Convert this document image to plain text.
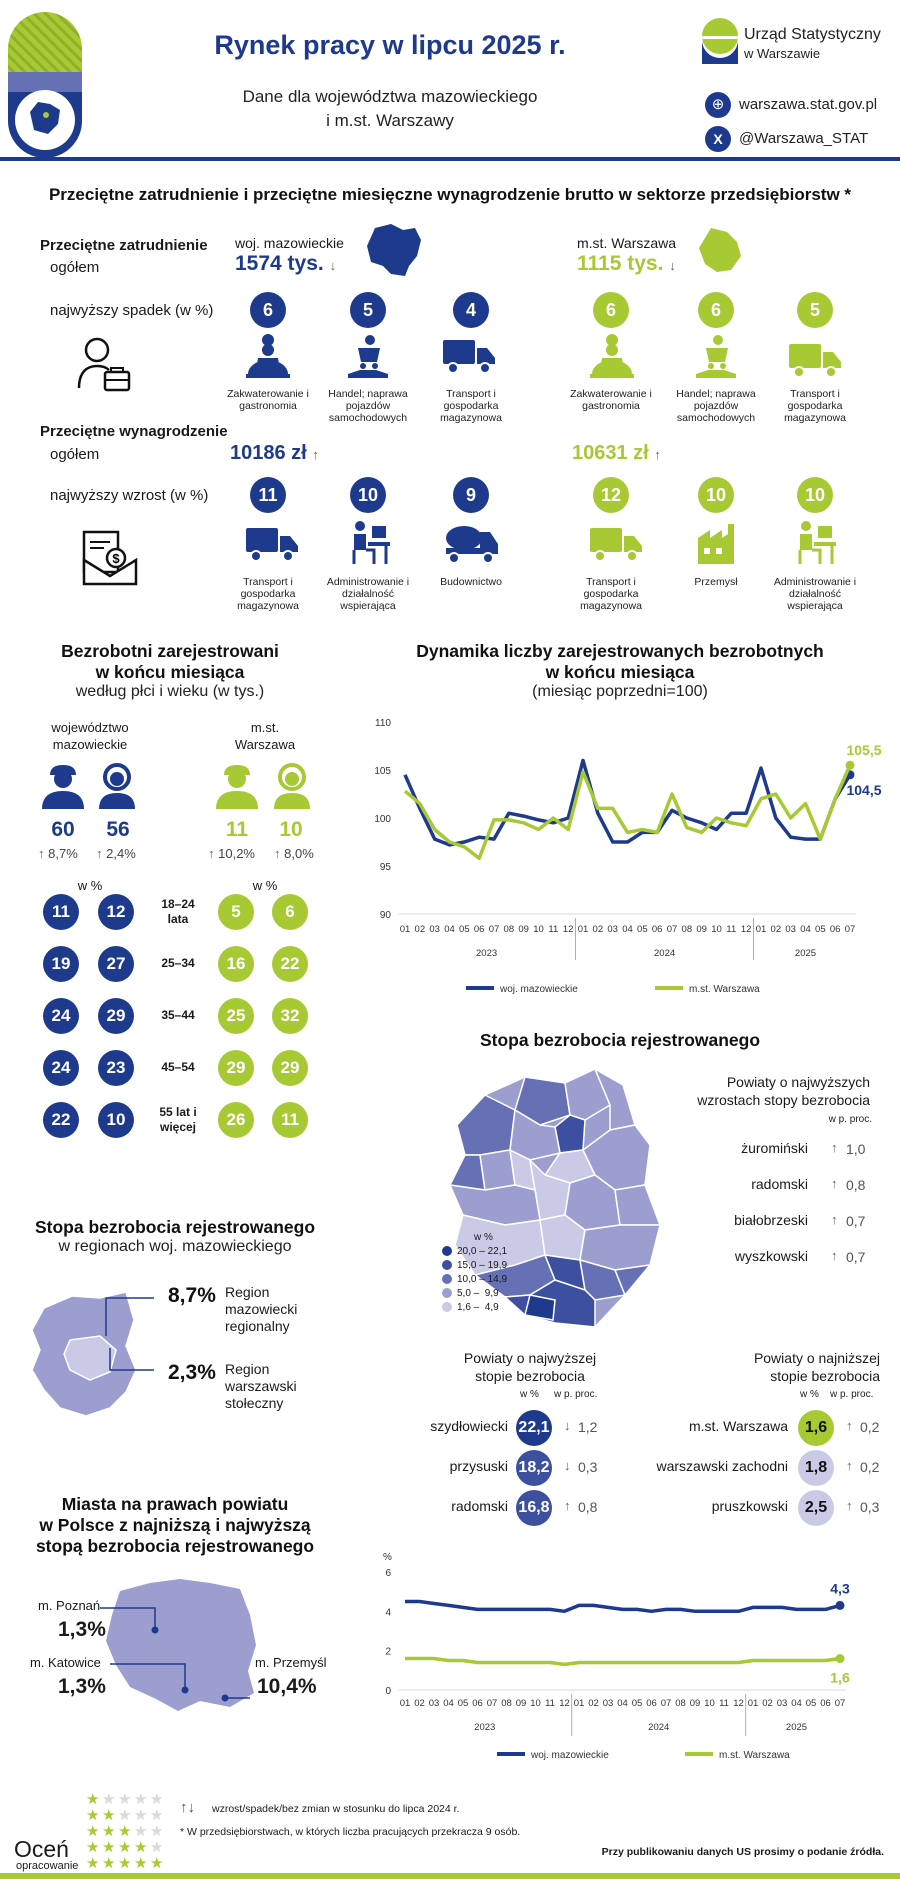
Rynek pracy w lipcu 2025 r.
Dane dla województwa mazowieckiego
i m.st. Warszawy
Urząd Statystyczny
w Warszawie
⊕ warszawa.stat.gov.pl
X	@Warszawa_STAT
Przeciętne zatrudnienie i przeciętne miesięczne wynagrodzenie brutto w sektorze przedsiębiorstw *
Przeciętne zatrudnienie
ogółem
najwyższy spadek (w %)
woj. mazowieckie
1574 tys. ↓
m.st. Warszawa
1115 tys. ↓
6	5	4	6	6	5
Zakwaterowanie i gastronomia
Handel; naprawa pojazdów samochodowych
Transport i gospodarka magazynowa
Zakwaterowanie i gastronomia
Handel; naprawa pojazdów samochodowych
Transport i gospodarka magazynowa
Przeciętne wynagrodzenie
ogółem	10186 zł ↑	10631 zł ↑
najwyższy wzrost (w %)
$
11	10	9	12	10	10
Transport i gospodarka magazynowa
Administrowanie i działalność wspierająca
Budownictwo	Transport i gospodarka magazynowa
Przemysł	Administrowanie i działalność wspierająca
Bezrobotni zarejestrowani
w końcu miesiąca
według płci i wieku (w tys.)
województwo
mazowieckie
m.st.
Warszawa
60	56	11	10
↑ 8,7% ↑ 2,4%	↑ 10,2% ↑ 8,0%
w %	w %
11	12	5	6
18–24
lata
19	27	16	22
25–34
24	29	25	32
35–44
24	23	29	29
45–54
22	10	26	11
55 lat i
więcej
Dynamika liczby zarejestrowanych bezrobotnych
w końcu miesiąca
(miesiąc poprzedni=100)
90
95
100
105
110
01 02 03 04 05 06 07 08 09 10 11 12 01 02 03 04 05 06 07 08 09 10 11 12 01 02 03 04 05 06 07
2023	2024	2025
104,5
105,5
woj. mazowieckie	m.st. Warszawa
Stopa bezrobocia rejestrowanego
w %
20,0 – 22,1
15,0 – 19,9
10,0 – 14,9
5,0 –  9,9
1,6 –  4,9
Powiaty o najwyższych
wzrostach stopy bezrobocia
w p. proc.
żuromiński ↑ 1,0
radomski ↑ 0,8
białobrzeski ↑ 0,7
wyszkowski ↑ 0,7
Powiaty o najwyższej
stopie bezrobocia
w % w p. proc.
szydłowiecki 22,1 ↓ 1,2
przysuski 18,2 ↓ 0,3
radomski 16,8 ↑ 0,8
Powiaty o najniższej
stopie bezrobocia
w % w p. proc.
m.st. Warszawa	1,6	↑ 0,2
warszawski zachodni	1,8	↑ 0,2
pruszkowski	2,5	↑ 0,3
Stopa bezrobocia rejestrowanego
w regionach woj. mazowieckiego
8,7% Region
mazowiecki
regionalny
2,3% Region
warszawski
stołeczny
Miasta na prawach powiatu
w Polsce z najniższą i najwyższą
stopą bezrobocia rejestrowanego
m. Poznań
1,3%
m. Katowice
1,3%
m. Przemyśl
10,4%	0
2
4
6
%
01 02 03 04 05 06 07 08 09 10 11 12 01 02 03 04 05 06 07 08 09 10 11 12 01 02 03 04 05 06 07
2023	2024	2025
4,3
1,6
woj. mazowieckie	m.st. Warszawa
★ ★ ★ ★ ★
★ ★ ★ ★ ★
★ ★ ★ ★ ★
★ ★ ★ ★ ★
★ ★ ★ ★ ★
Oceń
opracowanie
↑↓ wzrost/spadek/bez zmian w stosunku do lipca 2024 r.
* W przedsiębiorstwach, w których liczba pracujących przekracza 9 osób.
Przy publikowaniu danych US prosimy o podanie źródła.
